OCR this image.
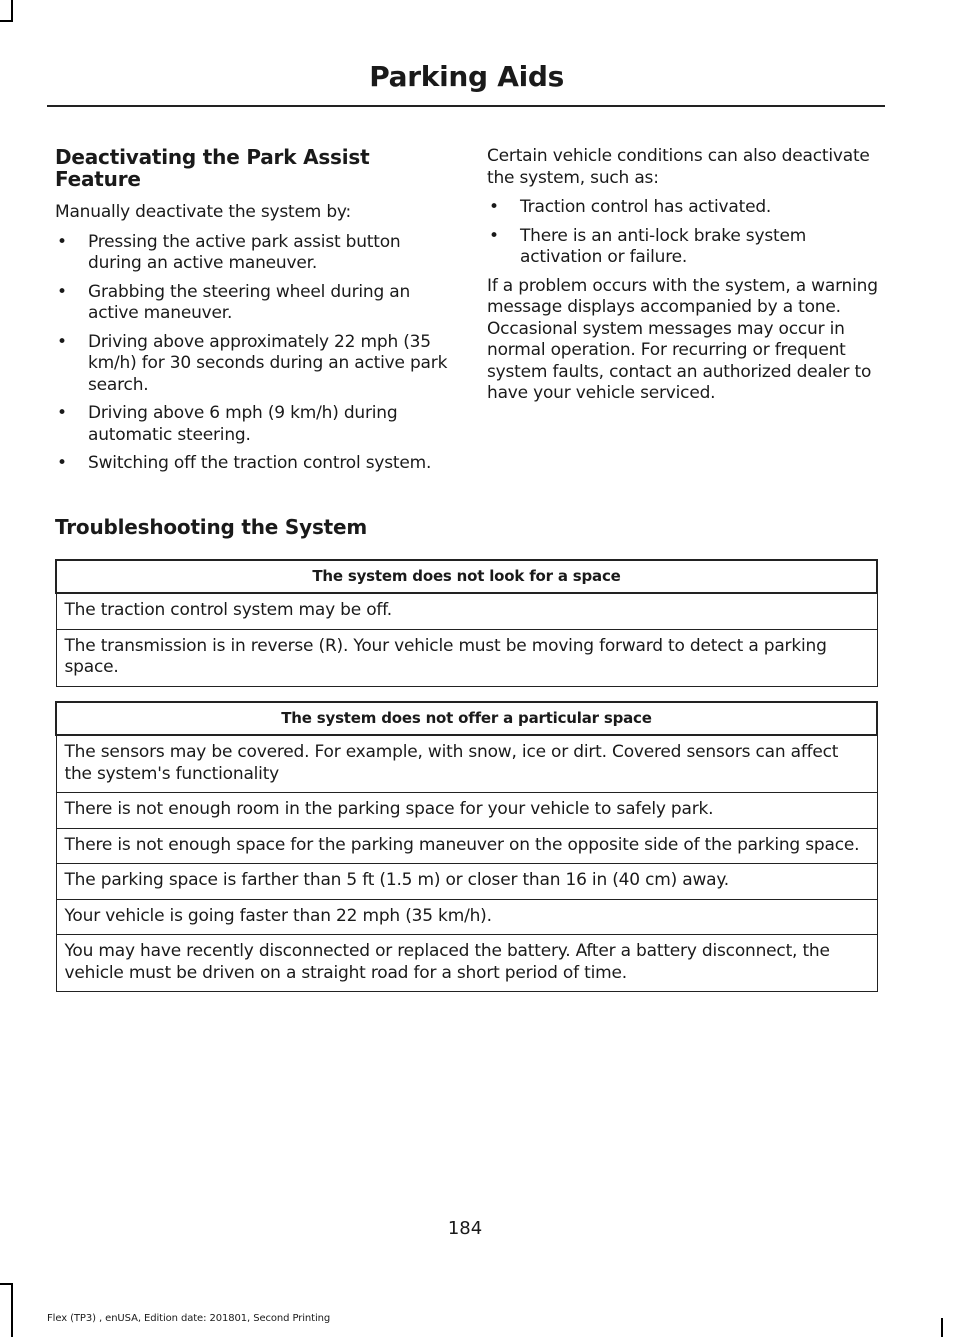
Parking Aids
Deactivating the Park Assist Feature

Manually deactivate the system by:

• Pressing the active park assist button during an active maneuver.
• Grabbing the steering wheel during an active maneuver.
• Driving above approximately 22 mph (35 km/h) for 30 seconds during an active park search.
• Driving above 6 mph (9 km/h) during automatic steering.
• Switching off the traction control system.

Certain vehicle conditions can also deactivate the system, such as:

• Traction control has activated.
• There is an anti-lock brake system activation or failure.

If a problem occurs with the system, a warning message displays accompanied by a tone. Occasional system messages may occur in normal operation. For recurring or frequent system faults, contact an authorized dealer to have your vehicle serviced.

Troubleshooting the System
The system does not look for a space
The traction control system may be off.
The transmission is in reverse (R). Your vehicle must be moving forward to detect a parking space.
The system does not offer a particular space
The sensors may be covered. For example, with snow, ice or dirt. Covered sensors can affect the system's functionality
There is not enough room in the parking space for your vehicle to safely park.
There is not enough space for the parking maneuver on the opposite side of the parking space.
The parking space is farther than 5 ft (1.5 m) or closer than 16 in (40 cm) away.
Your vehicle is going faster than 22 mph (35 km/h).
You may have recently disconnected or replaced the battery. After a battery disconnect, the vehicle must be driven on a straight road for a short period of time.
184
Flex (TP3) , enUSA, Edition date: 201801, Second Printing
